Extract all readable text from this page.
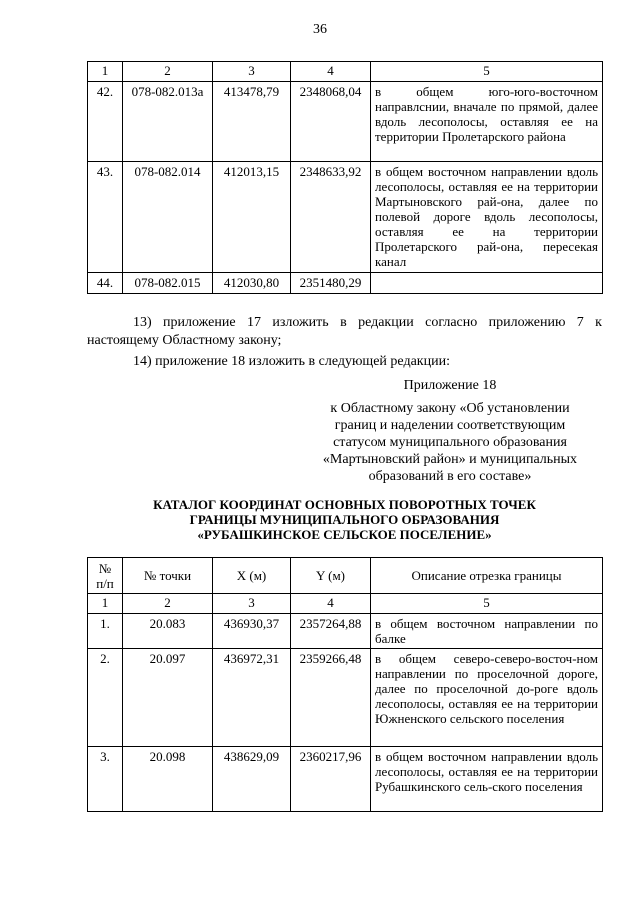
36
1	2	3	4	5
42.	078-082.013а	413478,79	2348068,04	в общем юго-юго-восточном направлснии, вначале по прямой, далее вдоль лесополосы, оставляя ее на территории Пролетарского района
43.	078-082.014	412013,15	2348633,92	в общем восточном направлении вдоль лесополосы, оставляя ее на территории Мартыновского рай-она, далее по полевой дороге вдоль лесополосы, оставляя ее на территории Пролетарского рай-она, пересекая канал
44.	078-082.015	412030,80	2351480,29	
13) приложение 17 изложить в редакции согласно приложению 7 к настоящему Областному закону;
14) приложение 18 изложить в следующей редакции:
Приложение 18
к Областному закону «Об установлении
границ и наделении соответствующим
статусом муниципального образования
«Мартыновский район» и муниципальных
образований в его составе»
КАТАЛОГ КООРДИНАТ ОСНОВНЫХ ПОВОРОТНЫХ ТОЧЕК
ГРАНИЦЫ МУНИЦИПАЛЬНОГО ОБРАЗОВАНИЯ
«РУБАШКИНСКОЕ СЕЛЬСКОЕ ПОСЕЛЕНИЕ»
№ п/п	№ точки	X (м)	Y (м)	Описание отрезка границы
1	2	3	4	5
1.	20.083	436930,37	2357264,88	в общем восточном направлении по балке
2.	20.097	436972,31	2359266,48	в общем северо-северо-восточ-ном направлении по проселочной дороге, далее по проселочной до-роге вдоль лесополосы, оставляя ее на территории Южненского сельского поселения
3.	20.098	438629,09	2360217,96	в общем восточном направлении вдоль лесополосы, оставляя ее на территории Рубашкинского сель-ского поселения
